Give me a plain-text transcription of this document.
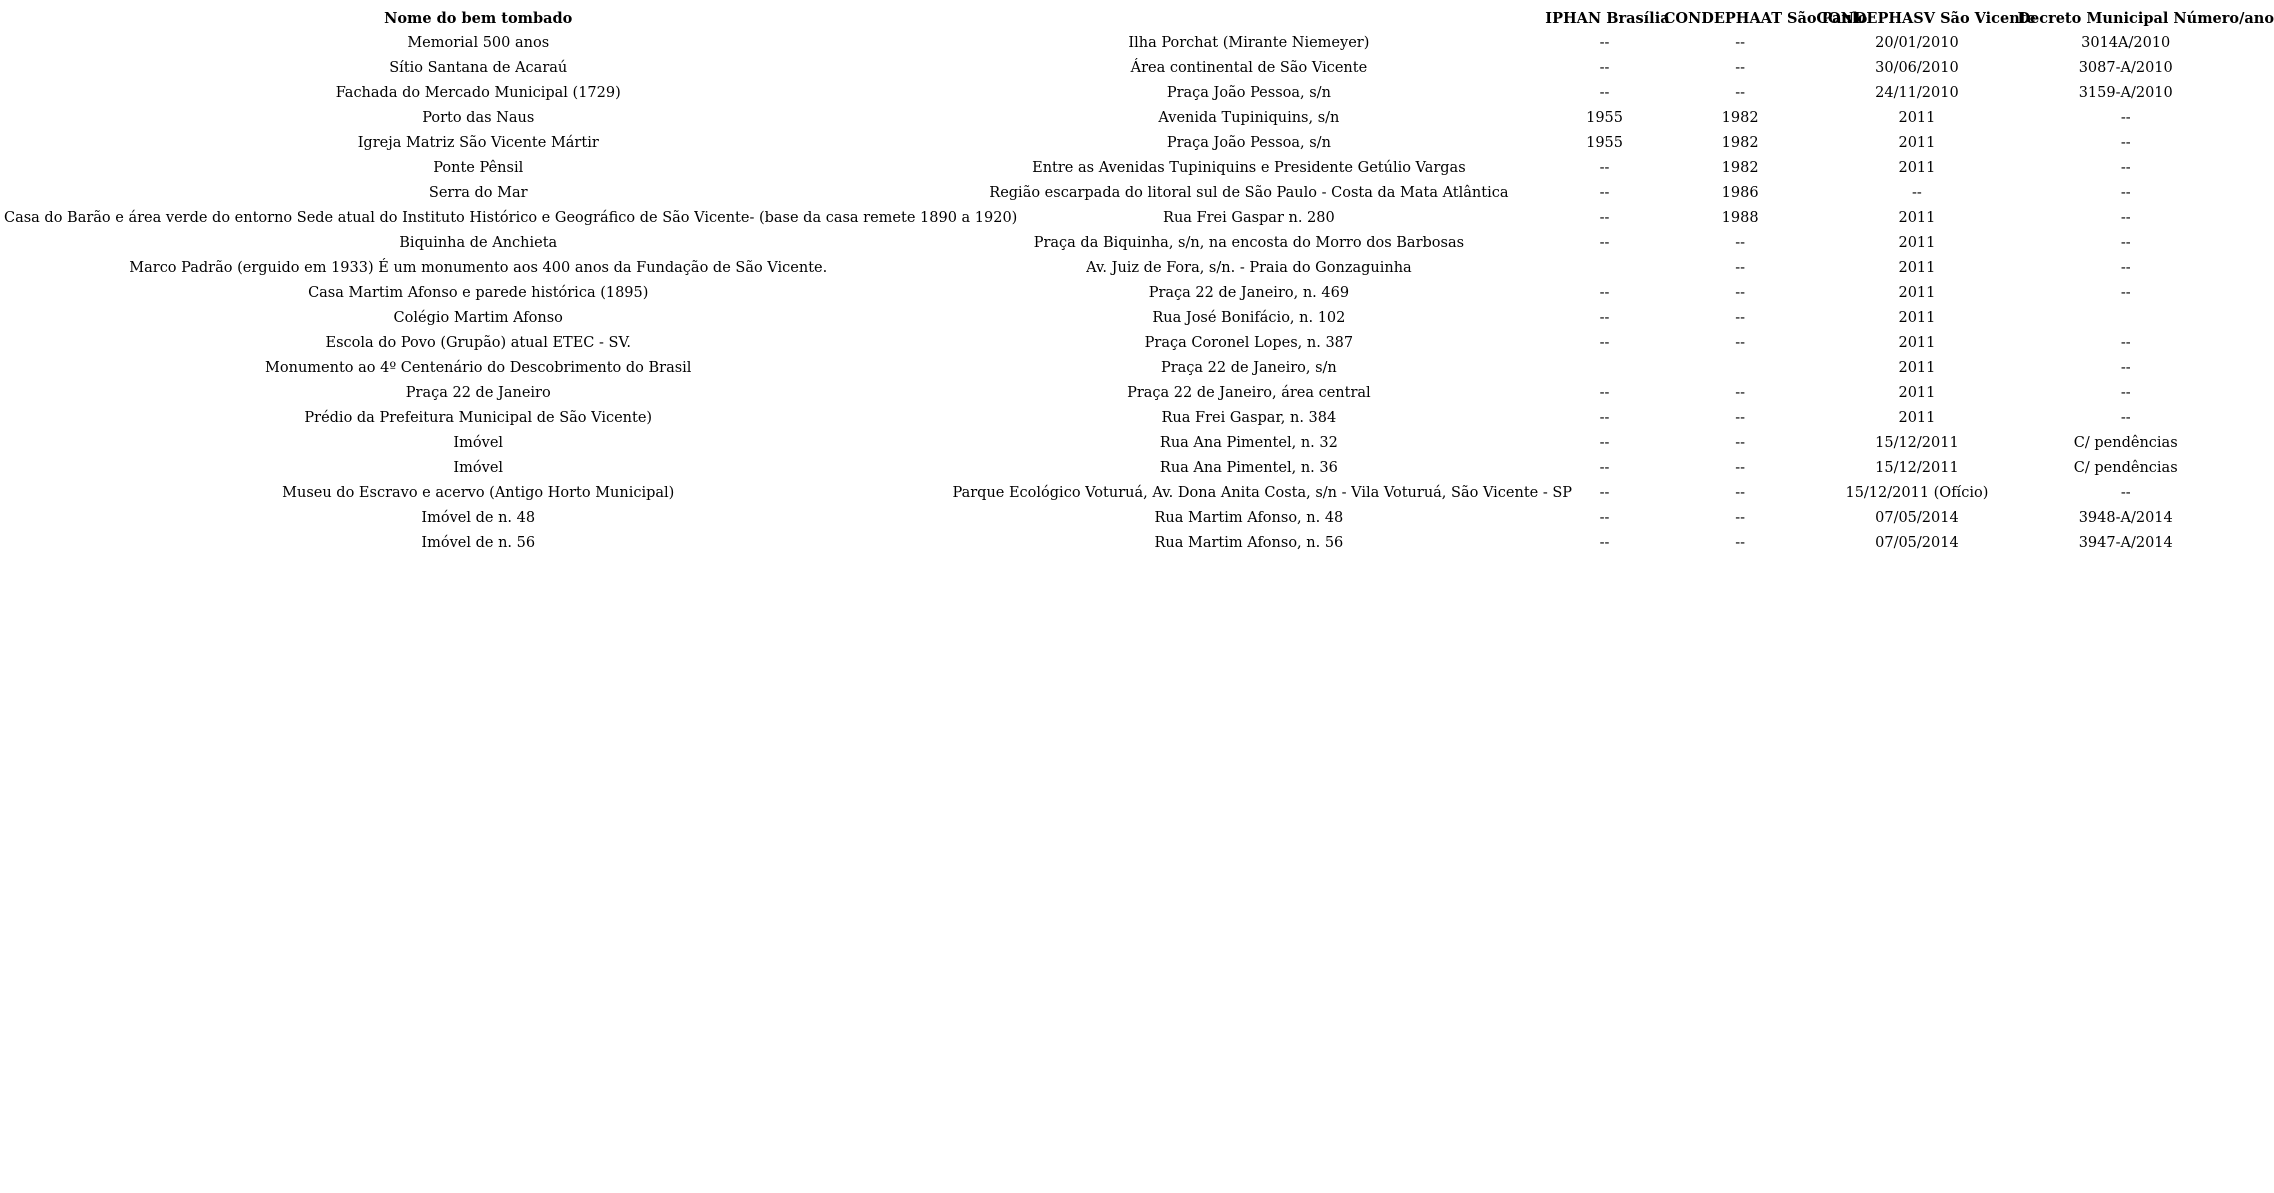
Nome do bem tombado		IPHAN Brasília	CONDEPHAAT São Paulo	CONDEPHASV São Vicente	Decreto Municipal Número/ano
Memorial 500 anos	Ilha Porchat (Mirante Niemeyer)	--	--	20/01/2010	3014A/2010
Sítio Santana de Acaraú	Área continental de São Vicente	--	--	30/06/2010	3087-A/2010
Fachada do Mercado Municipal (1729)	Praça João Pessoa, s/n	--	--	24/11/2010	3159-A/2010
Porto das Naus	Avenida Tupiniquins, s/n	1955	1982	2011	--
Igreja Matriz São Vicente Mártir	Praça João Pessoa, s/n	1955	1982	2011	--
Ponte Pênsil	Entre as Avenidas Tupiniquins e Presidente Getúlio Vargas	--	1982	2011	--
Serra do Mar	Região escarpada do litoral sul de São Paulo - Costa da Mata Atlântica	--	1986	--	--
Casa do Barão e área verde do entorno Sede atual do Instituto Histórico e Geográfico de São Vicente- (base da casa remete 1890 a 1920)	Rua Frei Gaspar n. 280	--	1988	2011	--
Biquinha de Anchieta	Praça da Biquinha, s/n, na encosta do Morro dos Barbosas	--	--	2011	--
Marco Padrão (erguido em 1933) É um monumento aos 400 anos da Fundação de São Vicente.	Av. Juiz de Fora, s/n. - Praia do Gonzaguinha		--	2011	--
Casa Martim Afonso e parede histórica (1895)	Praça 22 de Janeiro, n. 469	--	--	2011	--
Colégio Martim Afonso	Rua José Bonifácio, n. 102	--	--	2011	
Escola do Povo (Grupão) atual ETEC - SV.	Praça Coronel Lopes, n. 387	--	--	2011	--
Monumento ao 4º Centenário do Descobrimento do Brasil	Praça 22 de Janeiro, s/n			2011	--
Praça 22 de Janeiro	Praça 22 de Janeiro, área central	--	--	2011	--
Prédio da Prefeitura Municipal de São Vicente)	Rua Frei Gaspar, n. 384	--	--	2011	--
Imóvel	Rua Ana Pimentel, n. 32	--	--	15/12/2011	C/ pendências
Imóvel	Rua Ana Pimentel, n. 36	--	--	15/12/2011	C/ pendências
Museu do Escravo e acervo (Antigo Horto Municipal)	Parque Ecológico Voturuá, Av. Dona Anita Costa, s/n - Vila Voturuá, São Vicente - SP	--	--	15/12/2011 (Ofício)	--
Imóvel de n. 48	Rua Martim Afonso, n. 48	--	--	07/05/2014	3948-A/2014
Imóvel de n. 56	Rua Martim Afonso, n. 56	--	--	07/05/2014	3947-A/2014
